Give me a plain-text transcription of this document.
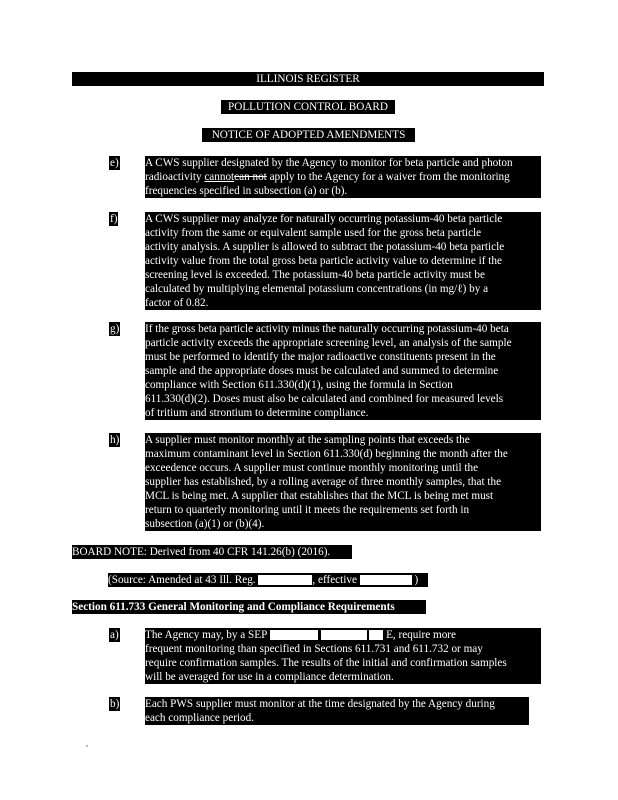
ILLINOIS REGISTER
POLLUTION CONTROL BOARD
NOTICE OF ADOPTED AMENDMENTS
e) A CWS supplier designated by the Agency to monitor for beta particle and photon
radioactivity cannotcan not apply to the Agency for a waiver from the monitoring
frequencies specified in subsection (a) or (b).
f) A CWS supplier may analyze for naturally occurring potassium-40 beta particle
activity from the same or equivalent sample used for the gross beta particle
activity analysis. A supplier is allowed to subtract the potassium-40 beta particle
activity value from the total gross beta particle activity value to determine if the
screening level is exceeded. The potassium-40 beta particle activity must be
calculated by multiplying elemental potassium concentrations (in mg/ℓ) by a
factor of 0.82.
g) If the gross beta particle activity minus the naturally occurring potassium-40 beta
particle activity exceeds the appropriate screening level, an analysis of the sample
must be performed to identify the major radioactive constituents present in the
sample and the appropriate doses must be calculated and summed to determine
compliance with Section 611.330(d)(1), using the formula in Section
611.330(d)(2). Doses must also be calculated and combined for measured levels
of tritium and strontium to determine compliance.
h) A supplier must monitor monthly at the sampling points that exceeds the
maximum contaminant level in Section 611.330(d) beginning the month after the
exceedence occurs. A supplier must continue monthly monitoring until the
supplier has established, by a rolling average of three monthly samples, that the
MCL is being met. A supplier that establishes that the MCL is being met must
return to quarterly monitoring until it meets the requirements set forth in
subsection (a)(1) or (b)(4).
BOARD NOTE: Derived from 40 CFR 141.26(b) (2016).
(Source: Amended at 43 Ill. Reg.	, effective	)
Section 611.733 General Monitoring and Compliance Requirements
a) The Agency may, by a SEP	E, require more
frequent monitoring than specified in Sections 611.731 and 611.732 or may
require confirmation samples. The results of the initial and confirmation samples
will be averaged for use in a compliance determination.
b) Each PWS supplier must monitor at the time designated by the Agency during
each compliance period.
